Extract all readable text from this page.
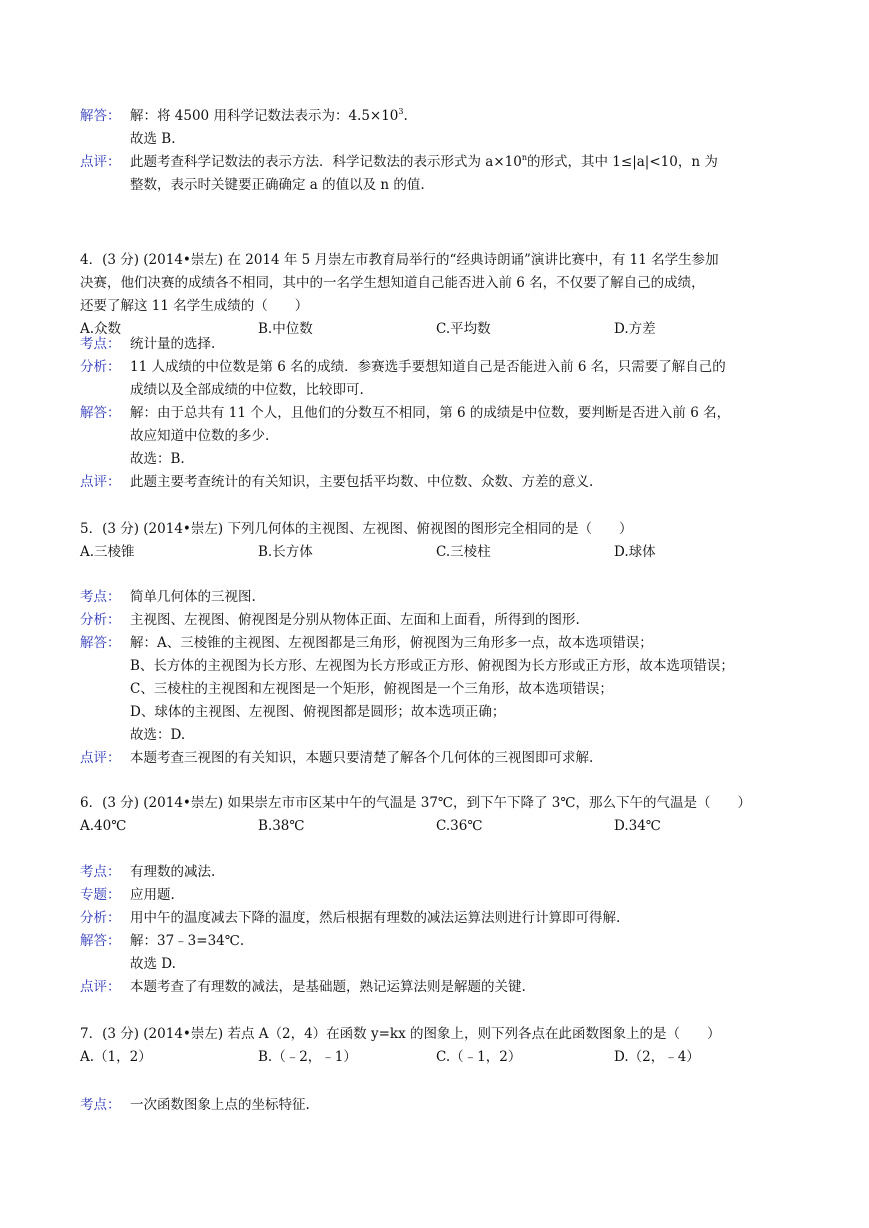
解答： 解：将 4500 用科学记数法表示为：$4.5\times 10^3$.
故选 B.
点评： 此题考查科学记数法的表示方法．科学记数法的表示形式为 $a\times 10^n$的形式，其中 1≤|a|<10，n 为
整数，表示时关键要正确确定 a 的值以及 n 的值.
4．(3 分) (2014•崇左) 在 2014 年 5 月崇左市教育局举行的“经典诗朗诵”演讲比赛中，有 11 名学生参加
决赛，他们决赛的成绩各不相同，其中的一名学生想知道自己能否进入前 6 名，不仅要了解自己的成绩，
还要了解这 11 名学生成绩的（　　）
A.众数	B.中位数	C.平均数	D.方差
考点： 统计量的选择.
分析： 11 人成绩的中位数是第 6 名的成绩．参赛选手要想知道自己是否能进入前 6 名，只需要了解自己的
成绩以及全部成绩的中位数，比较即可.
解答： 解：由于总共有 11 个人，且他们的分数互不相同，第 6 的成绩是中位数，要判断是否进入前 6 名，
故应知道中位数的多少.
故选：B.
点评： 此题主要考查统计的有关知识，主要包括平均数、中位数、众数、方差的意义.
5．(3 分) (2014•崇左) 下列几何体的主视图、左视图、俯视图的图形完全相同的是（　　）
A.三棱锥	B.长方体	C.三棱柱	D.球体
考点： 简单几何体的三视图.
分析： 主视图、左视图、俯视图是分别从物体正面、左面和上面看，所得到的图形.
解答： 解：A、三棱锥的主视图、左视图都是三角形，俯视图为三角形多一点，故本选项错误；
B、长方体的主视图为长方形、左视图为长方形或正方形、俯视图为长方形或正方形，故本选项错误；
C、三棱柱的主视图和左视图是一个矩形，俯视图是一个三角形，故本选项错误；
D、球体的主视图、左视图、俯视图都是圆形；故本选项正确；
故选：D.
点评： 本题考查三视图的有关知识，本题只要清楚了解各个几何体的三视图即可求解.
6．(3 分) (2014•崇左) 如果崇左市市区某中午的气温是 37℃，到下午下降了 3℃，那么下午的气温是（　　）
A.40℃	B.38℃	C.36℃	D.34℃
考点： 有理数的减法.
专题： 应用题.
分析： 用中午的温度减去下降的温度，然后根据有理数的减法运算法则进行计算即可得解.
解答： 解：37﹣3=34℃.
故选 D.
点评： 本题考查了有理数的减法，是基础题，熟记运算法则是解题的关键.
7．(3 分) (2014•崇左) 若点 A（2，4）在函数 y=kx 的图象上，则下列各点在此函数图象上的是（　　）
A.（1，2）	B.（﹣2，﹣1）	C.（﹣1，2）	D.（2，﹣4）
考点： 一次函数图象上点的坐标特征.
